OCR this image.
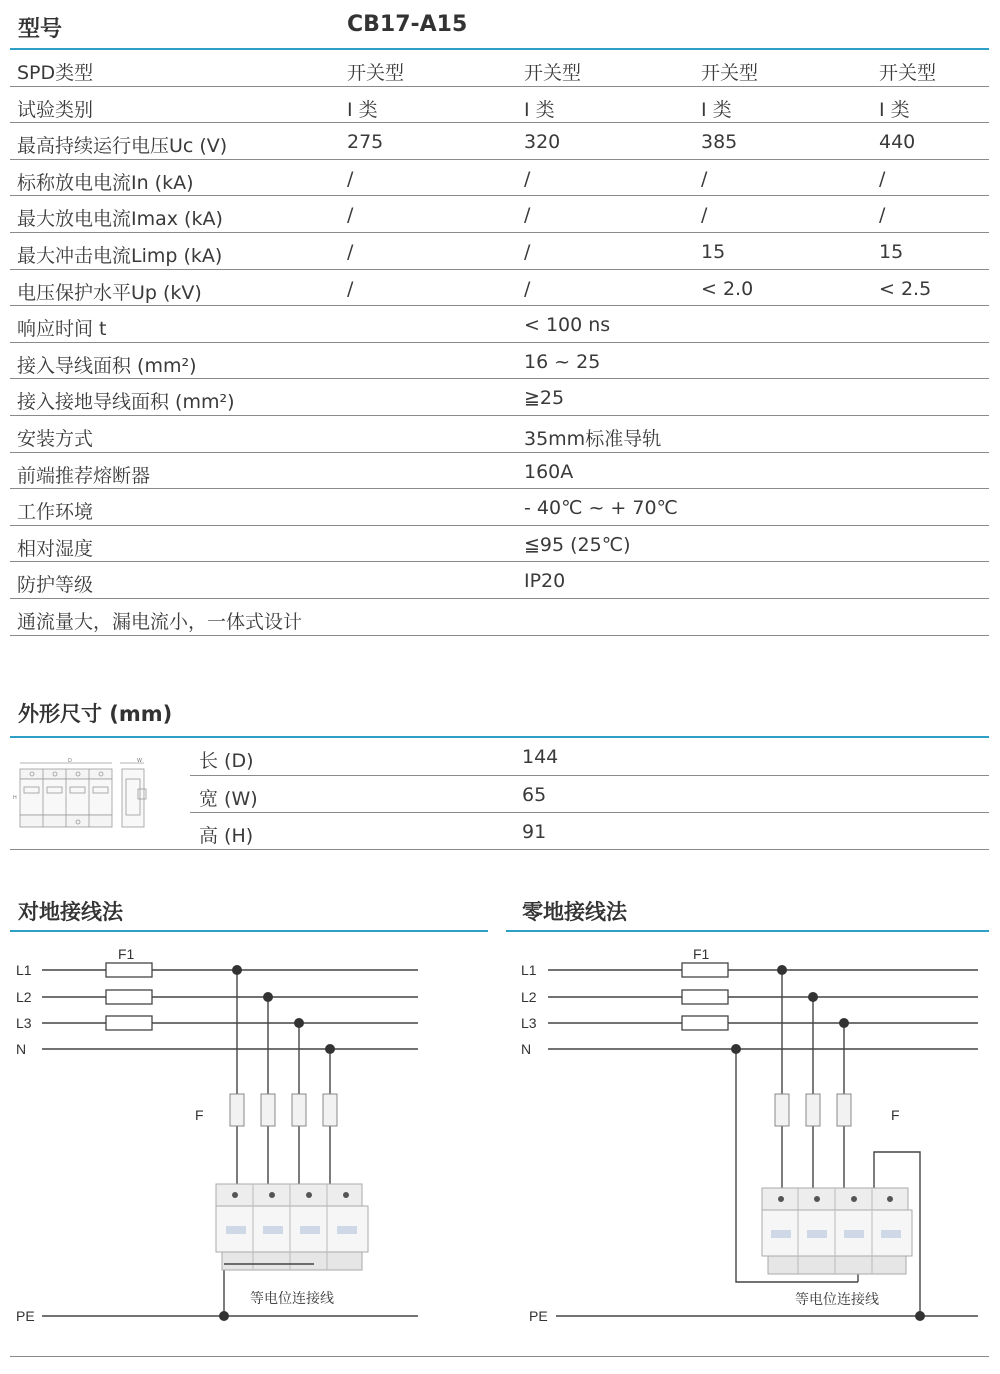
型号	CB17-A15
SPD类型	开关型	开关型	开关型	开关型
试验类别	I 类	I 类	I 类	I 类
最高持续运行电压Uc (V)	275	320	385	440
标称放电电流In (kA)	/	/	/	/
最大放电电流Imax (kA)	/	/	/	/
最大冲击电流Limp (kA)	/	/	15	15
电压保护水平Up (kV)	/	/	< 2.0	< 2.5
响应时间 t	< 100 ns
接入导线面积 (mm²)	16 ~ 25
接入接地导线面积 (mm²)	≧25
安装方式	35mm标准导轨
前端推荐熔断器	160A
工作环境	- 40℃ ~ + 70℃
相对湿度	≦95 (25℃)
防护等级	IP20
通流量大，漏电流小，一体式设计
外形尺寸 (mm)
D	W
H
长 (D)	144
宽 (W)	65
高 (H)	91
对地接线法	零地接线法
L1
L2
L3
N
PE
F1
F
等电位连接线
L1
L2
L3
N
PE
F1
F
等电位连接线
